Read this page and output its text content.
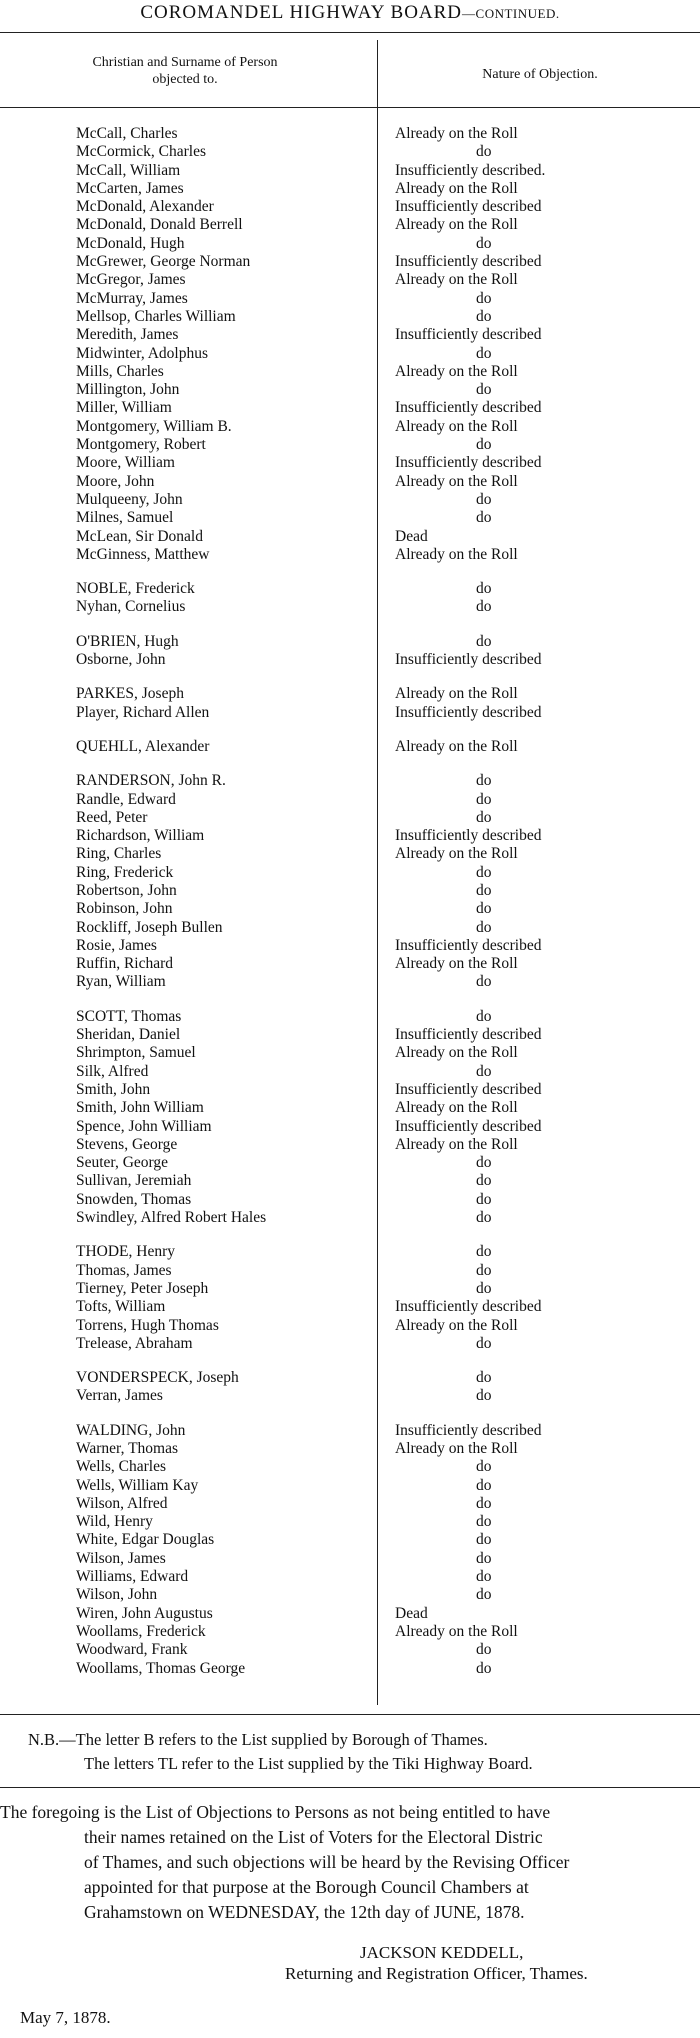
COROMANDEL HIGHWAY BOARD—CONTINUED.
Christian and Surname of Person
objected to.	Nature of Objection.
McCall, Charles	Already on the Roll
McCormick, Charles	do
McCall, William	Insufficiently described.
McCarten, James	Already on the Roll
McDonald, Alexander	Insufficiently described
McDonald, Donald Berrell	Already on the Roll
McDonald, Hugh	do
McGrewer, George Norman	Insufficiently described
McGregor, James	Already on the Roll
McMurray, James	do
Mellsop, Charles William	do
Meredith, James	Insufficiently described
Midwinter, Adolphus	do
Mills, Charles	Already on the Roll
Millington, John	do
Miller, William	Insufficiently described
Montgomery, William B.	Already on the Roll
Montgomery, Robert	do
Moore, William	Insufficiently described
Moore, John	Already on the Roll
Mulqueeny, John	do
Milnes, Samuel	do
McLean, Sir Donald	Dead
McGinness, Matthew	Already on the Roll
NOBLE, Frederick	do
Nyhan, Cornelius	do
O'BRIEN, Hugh	do
Osborne, John	Insufficiently described
PARKES, Joseph	Already on the Roll
Player, Richard Allen	Insufficiently described
QUEHLL, Alexander	Already on the Roll
RANDERSON, John R.	do
Randle, Edward	do
Reed, Peter	do
Richardson, William	Insufficiently described
Ring, Charles	Already on the Roll
Ring, Frederick	do
Robertson, John	do
Robinson, John	do
Rockliff, Joseph Bullen	do
Rosie, James	Insufficiently described
Ruffin, Richard	Already on the Roll
Ryan, William	do
SCOTT, Thomas	do
Sheridan, Daniel	Insufficiently described
Shrimpton, Samuel	Already on the Roll
Silk, Alfred	do
Smith, John	Insufficiently described
Smith, John William	Already on the Roll
Spence, John William	Insufficiently described
Stevens, George	Already on the Roll
Seuter, George	do
Sullivan, Jeremiah	do
Snowden, Thomas	do
Swindley, Alfred Robert Hales	do
THODE, Henry	do
Thomas, James	do
Tierney, Peter Joseph	do
Tofts, William	Insufficiently described
Torrens, Hugh Thomas	Already on the Roll
Trelease, Abraham	do
VONDERSPECK, Joseph	do
Verran, James	do
WALDING, John	Insufficiently described
Warner, Thomas	Already on the Roll
Wells, Charles	do
Wells, William Kay	do
Wilson, Alfred	do
Wild, Henry	do
White, Edgar Douglas	do
Wilson, James	do
Williams, Edward	do
Wilson, John	do
Wiren, John Augustus	Dead
Woollams, Frederick	Already on the Roll
Woodward, Frank	do
Woollams, Thomas George	do
N.B.—The letter B refers to the List supplied by Borough of Thames.
The letters TL refer to the List supplied by the Tiki Highway Board.
The foregoing is the List of Objections to Persons as not being entitled to have
their names retained on the List of Voters for the Electoral Distric
of Thames, and such objections will be heard by the Revising Officer
appointed for that purpose at the Borough Council Chambers at
Grahamstown on WEDNESDAY, the 12th day of JUNE, 1878.
JACKSON KEDDELL,
Returning and Registration Officer, Thames.
May 7, 1878.
